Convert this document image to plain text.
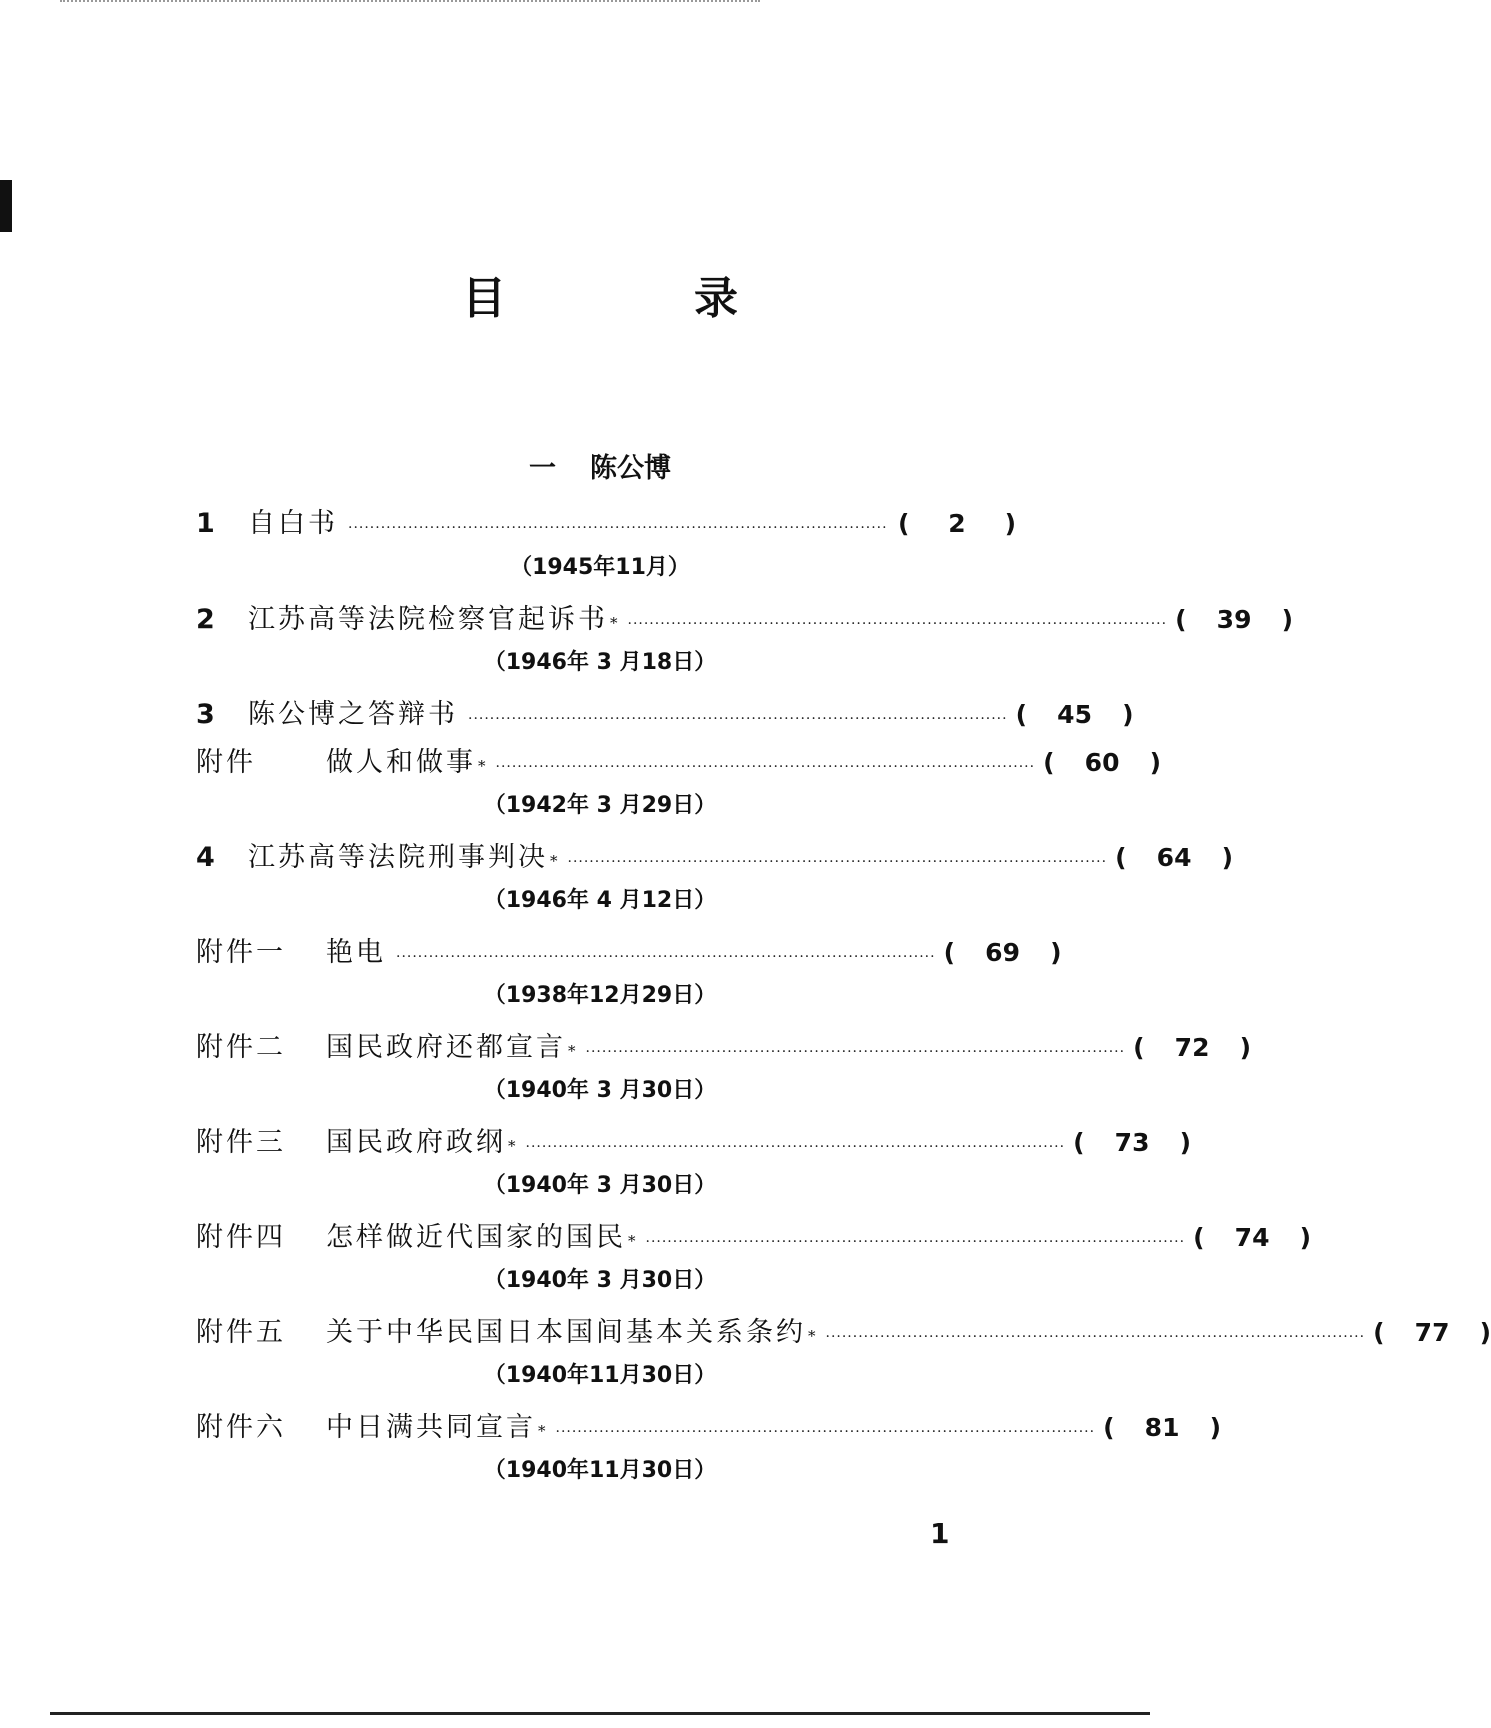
目　录
一 陈公博
1	自白书 ··································································································· (	2	)
（1945年11月）
2	江苏高等法院检察官起诉书 * ··································································································· (	39	)
（1946年 3 月18日）
3	陈公博之答辩书 ··································································································· (	45	)
附件	做人和做事 * ··································································································· (	60	)
（1942年 3 月29日）
4	江苏高等法院刑事判决 * ··································································································· (	64	)
（1946年 4 月12日）
附件一	艳电 ··································································································· (	69	)
（1938年12月29日）
附件二	国民政府还都宣言 * ··································································································· (	72	)
（1940年 3 月30日）
附件三	国民政府政纲 * ··································································································· (	73	)
（1940年 3 月30日）
附件四	怎样做近代国家的国民 * ··································································································· (	74	)
（1940年 3 月30日）
附件五	关于中华民国日本国间基本关系条约 * ··································································································· (	77	)
（1940年11月30日）
附件六	中日满共同宣言 * ··································································································· (	81	)
（1940年11月30日）
1
